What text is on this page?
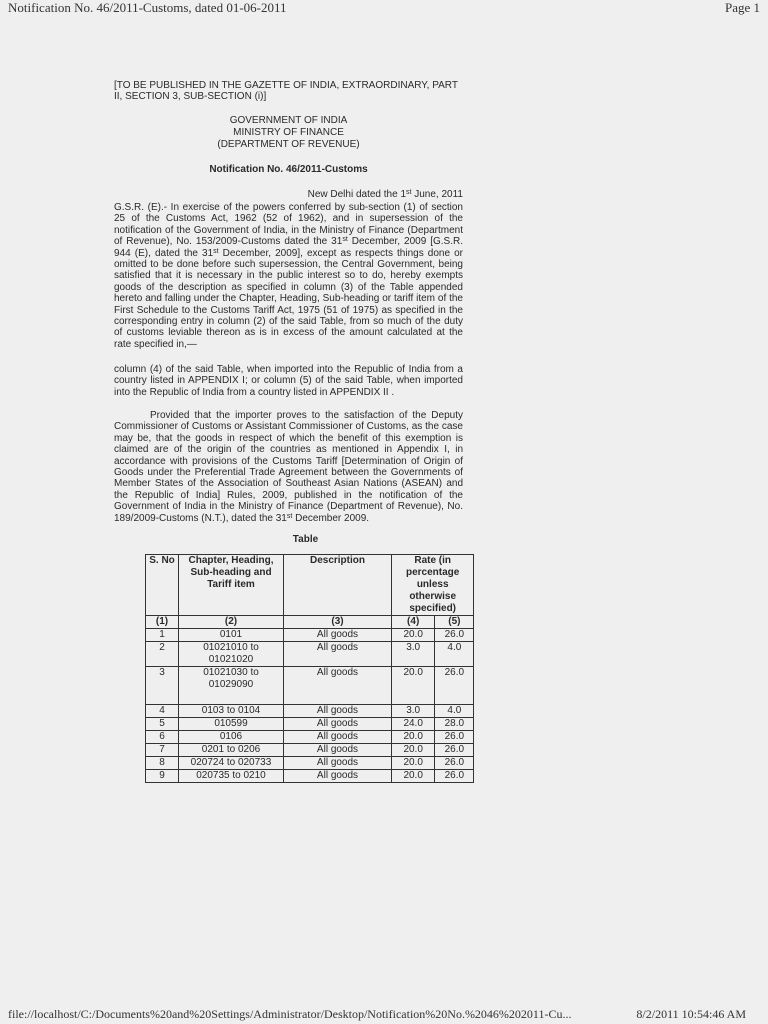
Notification No. 46/2011-Customs, dated 01-06-2011	Page 1
[TO BE PUBLISHED IN THE GAZETTE OF INDIA, EXTRAORDINARY, PART II, SECTION 3, SUB-SECTION (i)]
GOVERNMENT OF INDIA
MINISTRY OF FINANCE
(DEPARTMENT OF REVENUE)
Notification No. 46/2011-Customs
New Delhi dated the 1st June, 2011
G.S.R. (E).- In exercise of the powers conferred by sub-section (1) of section 25 of the Customs Act, 1962 (52 of 1962), and in supersession of the notification of the Government of India, in the Ministry of Finance (Department of Revenue), No. 153/2009-Customs dated the 31st December, 2009 [G.S.R. 944 (E), dated the 31st December, 2009], except as respects things done or omitted to be done before such supersession, the Central Government, being satisfied that it is necessary in the public interest so to do, hereby exempts goods of the description as specified in column (3) of the Table appended hereto and falling under the Chapter, Heading, Sub-heading or tariff item of the First Schedule to the Customs Tariff Act, 1975 (51 of 1975) as specified in the corresponding entry in column (2) of the said Table, from so much of the duty of customs leviable thereon as is in excess of the amount calculated at the rate specified in,—
column (4) of the said Table, when imported into the Republic of India from a country listed in APPENDIX I; or column (5) of the said Table, when imported into the Republic of India from a country listed in APPENDIX II .
Provided that the importer proves to the satisfaction of the Deputy Commissioner of Customs or Assistant Commissioner of Customs, as the case may be, that the goods in respect of which the benefit of this exemption is claimed are of the origin of the countries as mentioned in Appendix I, in accordance with provisions of the Customs Tariff [Determination of Origin of Goods under the Preferential Trade Agreement between the Governments of Member States of the Association of Southeast Asian Nations (ASEAN) and the Republic of India] Rules, 2009, published in the notification of the Government of India in the Ministry of Finance (Department of Revenue), No. 189/2009-Customs (N.T.), dated the 31st December 2009.
Table
S. No	Chapter, Heading, Sub-heading and Tariff item	Description	Rate (in percentage unless otherwise specified)	
(1)	(2)	(3)	(4)	(5)
1	0101	All goods	20.0	26.0
2	01021010 to 01021020	All goods	3.0	4.0
3	01021030 to 01029090	All goods	20.0	26.0
4	0103 to 0104	All goods	3.0	4.0
5	010599	All goods	24.0	28.0
6	0106	All goods	20.0	26.0
7	0201 to 0206	All goods	20.0	26.0
8	020724 to 020733	All goods	20.0	26.0
9	020735 to 0210	All goods	20.0	26.0
file://localhost/C:/Documents%20and%20Settings/Administrator/Desktop/Notification%20No.%2046%202011-Cu...	8/2/2011 10:54:46 AM
